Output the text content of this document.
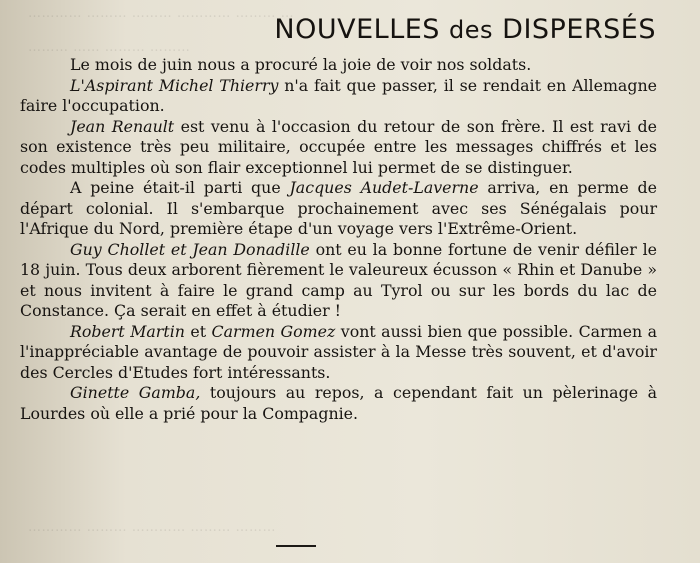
………… ……… ……… ………… ……… …
……… …… ……… ………
………… ……… ………… ……… ………
NOUVELLES des DISPERSÉS

Le mois de juin nous a procuré la joie de voir nos soldats.

L'Aspirant Michel Thierry n'a fait que passer, il se rendait en Allemagne faire l'occupation.

Jean Renault est venu à l'occasion du retour de son frère. Il est ravi de son existence très peu militaire, occupée entre les messages chiffrés et les codes multiples où son flair exceptionnel lui permet de se distinguer.

A peine était-il parti que Jacques Audet-Laverne arriva, en perme de départ colonial. Il s'embarque prochainement avec ses Sénégalais pour l'Afrique du Nord, première étape d'un voyage vers l'Extrême-Orient.

Guy Chollet et Jean Donadille ont eu la bonne fortune de venir défiler le 18 juin. Tous deux arborent fièrement le valeureux écusson « Rhin et Danube » et nous invitent à faire le grand camp au Tyrol ou sur les bords du lac de Constance. Ça serait en effet à étudier !

Robert Martin et Carmen Gomez vont aussi bien que possible. Carmen a l'inappréciable avantage de pouvoir assister à la Messe très souvent, et d'avoir des Cercles d'Etudes fort intéressants.

Ginette Gamba, toujours au repos, a cependant fait un pèlerinage à Lourdes où elle a prié pour la Compagnie.
